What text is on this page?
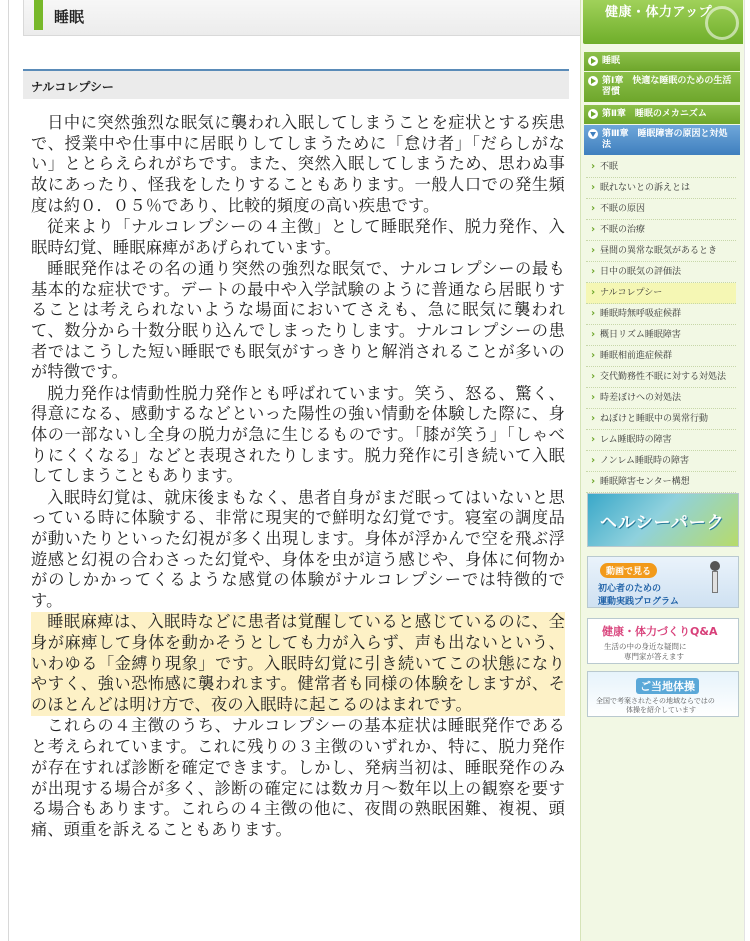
睡眠
ナルコレプシー

日中に突然強烈な眠気に襲われ入眠してしまうことを症状とする疾患で、授業中や仕事中に居眠りしてしまうために「怠け者」「だらしがない」ととらえられがちです。また、突然入眠してしまうため、思わぬ事故にあったり、怪我をしたりすることもあります。一般人口での発生頻度は約０．０５％であり、比較的頻度の高い疾患です。

従来より「ナルコレプシーの４主徴」として睡眠発作、脱力発作、入眠時幻覚、睡眠麻痺があげられています。

睡眠発作はその名の通り突然の強烈な眠気で、ナルコレプシーの最も基本的な症状です。デートの最中や入学試験のように普通なら居眠りすることは考えられないような場面においてさえも、急に眠気に襲われて、数分から十数分眠り込んでしまったりします。ナルコレプシーの患者ではこうした短い睡眠でも眠気がすっきりと解消されることが多いのが特徴です。

脱力発作は情動性脱力発作とも呼ばれています。笑う、怒る、驚く、得意になる、感動するなどといった陽性の強い情動を体験した際に、身体の一部ないし全身の脱力が急に生じるものです。「膝が笑う」「しゃべりにくくなる」などと表現されたりします。脱力発作に引き続いて入眠してしまうこともあります。

入眠時幻覚は、就床後まもなく、患者自身がまだ眠ってはいないと思っている時に体験する、非常に現実的で鮮明な幻覚です。寝室の調度品が動いたりといった幻視が多く出現します。身体が浮かんで空を飛ぶ浮遊感と幻視の合わさった幻覚や、身体を虫が這う感じや、身体に何物かがのしかかってくるような感覚の体験がナルコレプシーでは特徴的です。

睡眠麻痺は、入眠時などに患者は覚醒していると感じているのに、全身が麻痺して身体を動かそうとしても力が入らず、声も出ないという、いわゆる「金縛り現象」です。入眠時幻覚に引き続いてこの状態になりやすく、強い恐怖感に襲われます。健常者も同様の体験をしますが、そのほとんどは明け方で、夜の入眠時に起こるのはまれです。

これらの４主徴のうち、ナルコレプシーの基本症状は睡眠発作であると考えられています。これに残りの３主徴のいずれか、特に、脱力発作が存在すれば診断を確定できます。しかし、発病当初は、睡眠発作のみが出現する場合が多く、診断の確定には数カ月〜数年以上の観察を要する場合もあります。これらの４主徴の他に、夜間の熟眠困難、複視、頭痛、頭重を訴えることもあります。

健康・体力アップ
睡眠
第Ⅰ章　快適な睡眠のための生活習慣
第Ⅱ章　睡眠のメカニズム
第Ⅲ章　睡眠障害の原因と対処法
› 不眠
› 眠れないとの訴えとは
› 不眠の原因
› 不眠の治療
› 昼間の異常な眠気があるとき
› 日中の眠気の評価法
› ナルコレプシー
› 睡眠時無呼吸症候群
› 概日リズム睡眠障害
› 睡眠相前進症候群
› 交代勤務性不眠に対する対処法
› 時差ぼけへの対処法
› ねぼけと睡眠中の異常行動
› レム睡眠時の障害
› ノンレム睡眠時の障害
› 睡眠障害センター構想
ヘルシーパーク
動画で見る
初心者のための
運動実践プログラム
健康・体力づくりQ&A
生活の中の身近な疑問に
専門家が答えます
ご当地体操
全国で考案されたその地域ならではの
体操を紹介しています
